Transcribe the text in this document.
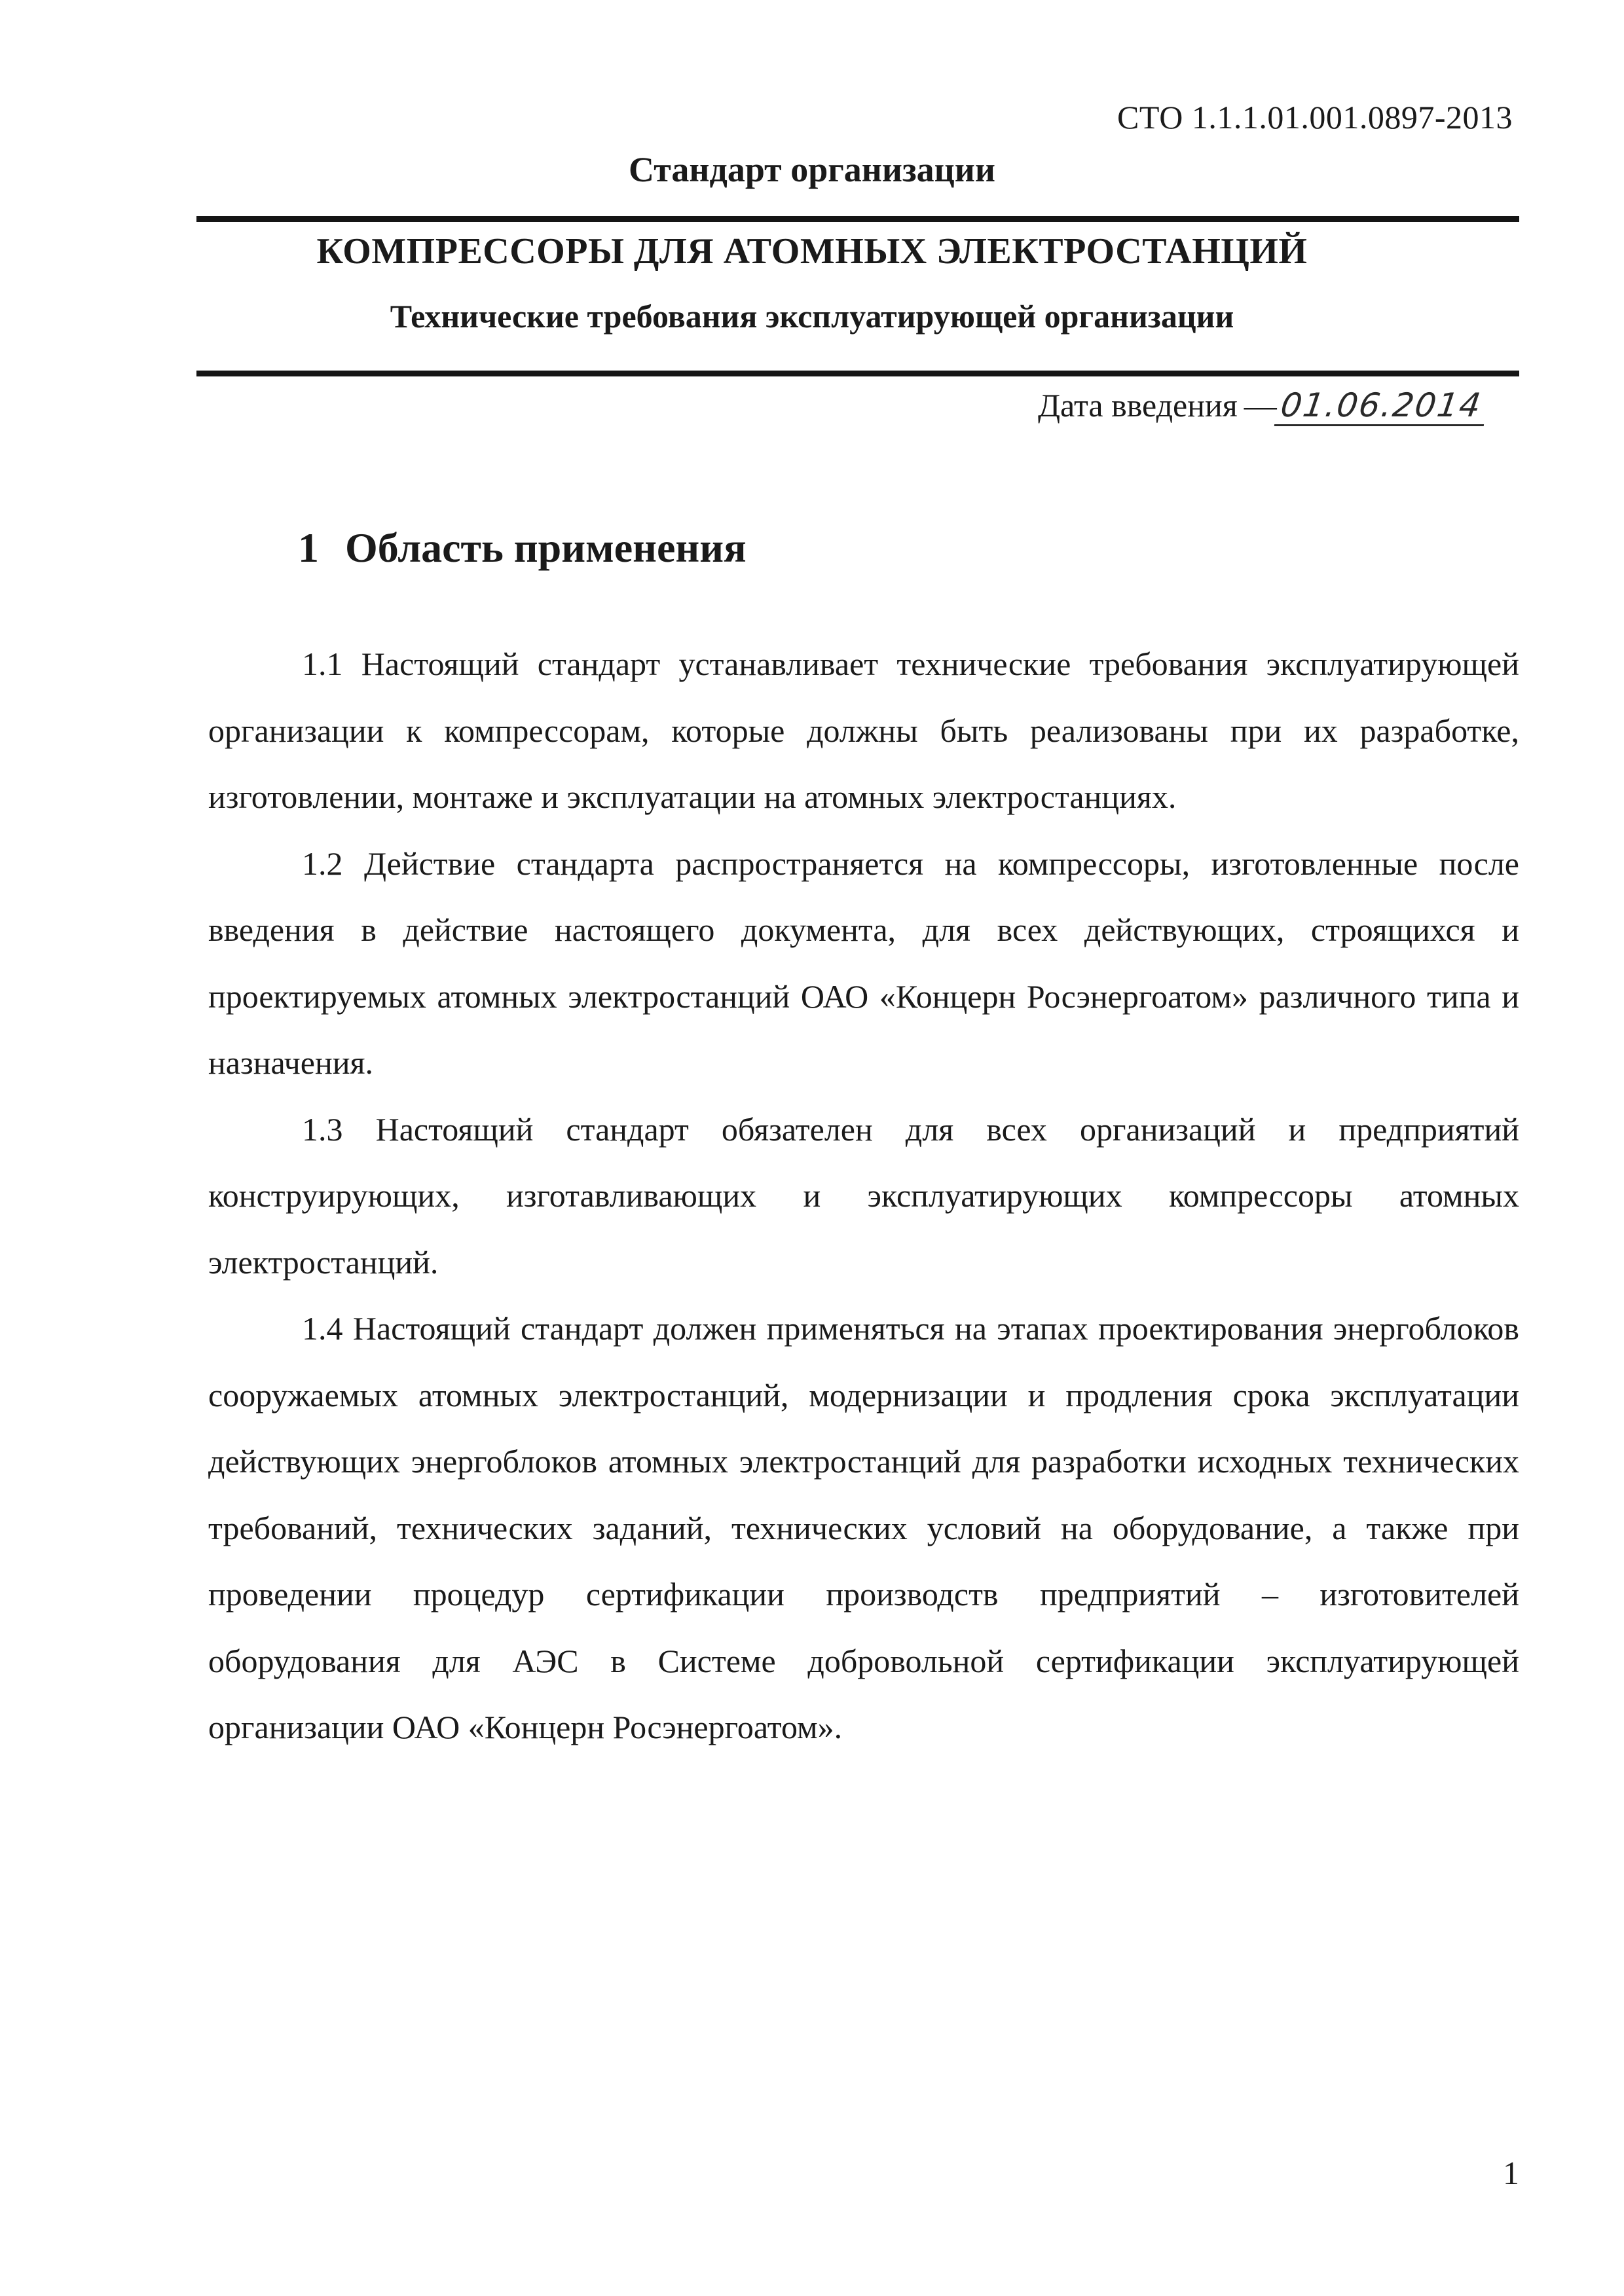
СТО 1.1.1.01.001.0897-2013
Стандарт организации
КОМПРЕССОРЫ ДЛЯ АТОМНЫХ ЭЛЕКТРОСТАНЦИЙ
Технические требования эксплуатирующей организации
Дата введения — 01.06.2014
1 Область применения

1.1 Настоящий стандарт устанавливает технические требования эксплуатирующей организации к компрессорам, которые должны быть реализованы при их разработке, изготовлении, монтаже и эксплуатации на атомных электростанциях.

1.2 Действие стандарта распространяется на компрессоры, изготовленные после введения в действие настоящего документа, для всех действующих, строящихся и проектируемых атомных электростанций ОАО «Концерн Росэнергоатом» различного типа и назначения.

1.3 Настоящий стандарт обязателен для всех организаций и предприятий конструирующих, изготавливающих и эксплуатирующих компрессоры атомных электростанций.

1.4 Настоящий стандарт должен применяться на этапах проектирования энергоблоков сооружаемых атомных электростанций, модернизации и продления срока эксплуатации действующих энергоблоков атомных электростанций для разработки исходных технических требований, технических заданий, технических условий на оборудование, а также при проведении процедур сертификации производств предприятий – изготовителей оборудования для АЭС в Системе добровольной сертификации эксплуатирующей организации ОАО «Концерн Росэнергоатом».

1
